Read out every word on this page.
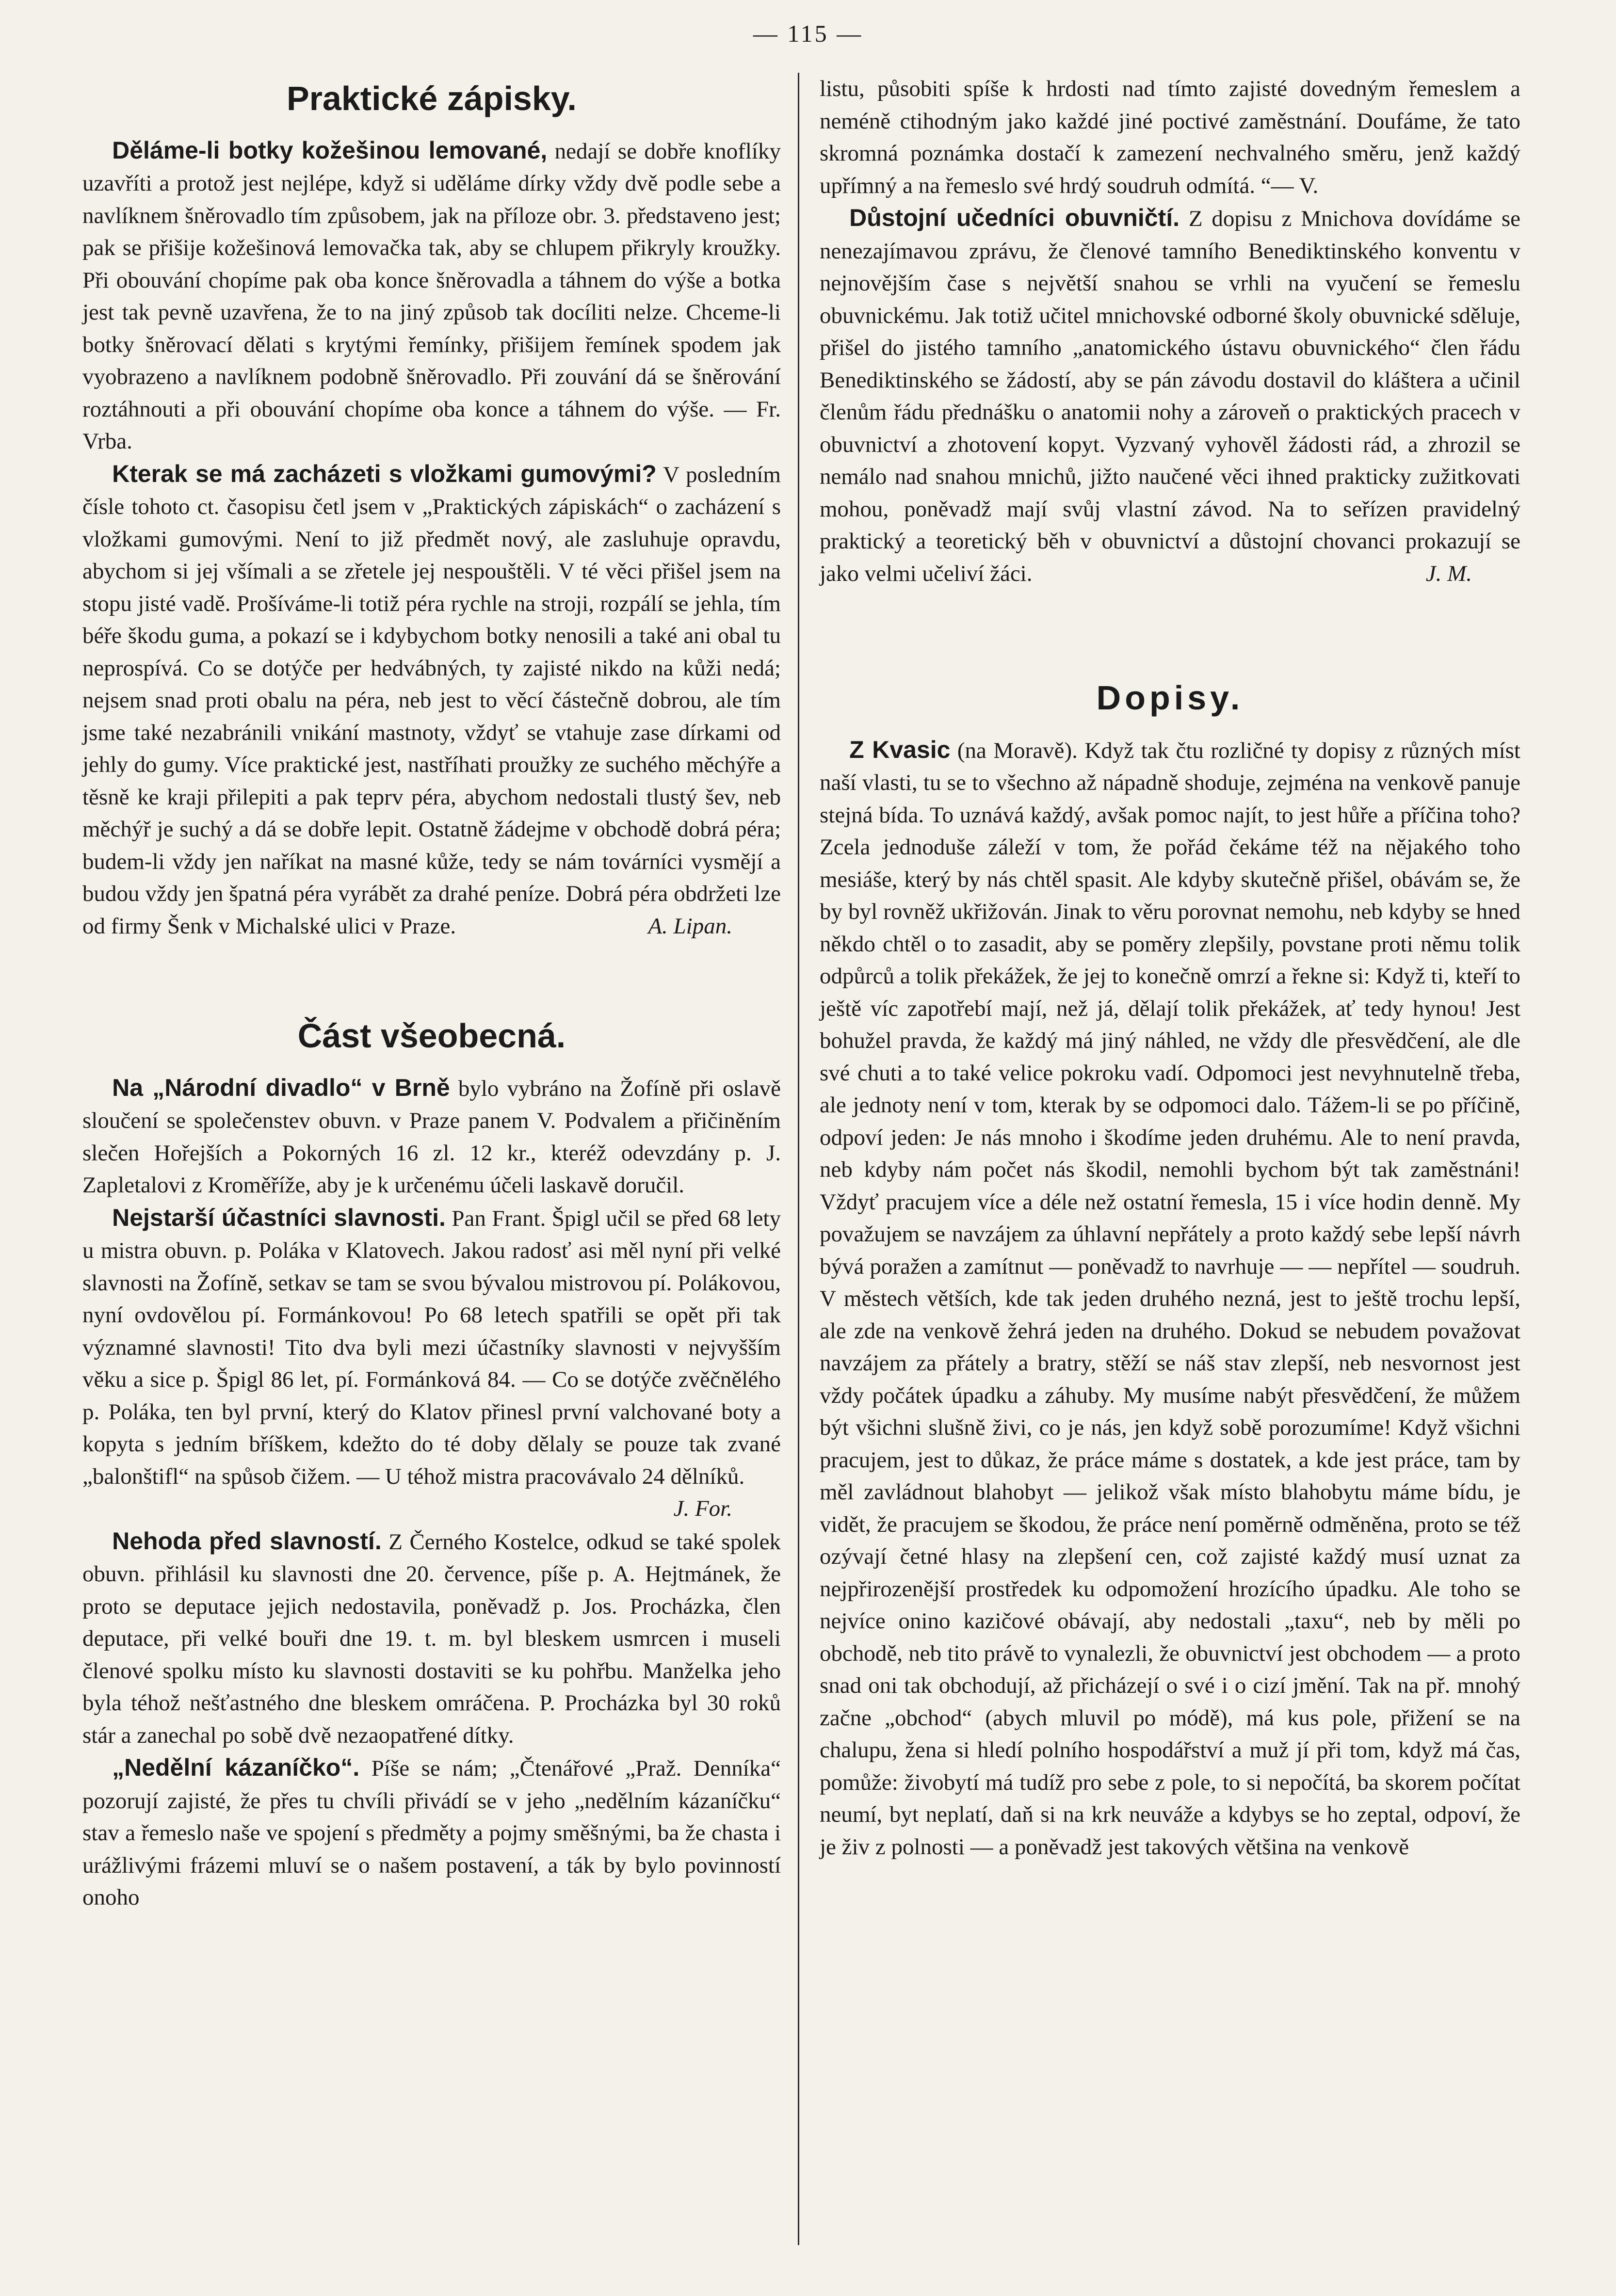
— 115 —
Praktické zápisky.

Děláme-li botky kožešinou lemované, nedají se dobře knoflíky uzavříti a protož jest nejlépe, když si uděláme dírky vždy dvě podle sebe a navlíknem šněrovadlo tím způsobem, jak na příloze obr. 3. představeno jest; pak se přišije kožešinová lemovačka tak, aby se chlupem přikryly kroužky. Při obouvání chopíme pak oba konce šněrovadla a táhnem do výše a botka jest tak pevně uzavřena, že to na jiný způsob tak docíliti nelze. Chceme-li botky šněrovací dělati s krytými řemínky, přišijem řemínek spodem jak vyobrazeno a navlíknem podobně šněrovadlo. Při zouvání dá se šněrování roztáhnouti a při obouvání chopíme oba konce a táhnem do výše. — Fr. Vrba.

Kterak se má zacházeti s vložkami gumovými? V posledním čísle tohoto ct. časopisu četl jsem v „Praktických zápiskách“ o zacházení s vložkami gumovými. Není to již předmět nový, ale zasluhuje opravdu, abychom si jej všímali a se zřetele jej nespouštěli. V té věci přišel jsem na stopu jisté vadě. Prošíváme-li totiž péra rychle na stroji, rozpálí se jehla, tím béře škodu guma, a pokazí se i kdybychom botky nenosili a také ani obal tu neprospívá. Co se dotýče per hedvábných, ty zajisté nikdo na kůži nedá; nejsem snad proti obalu na péra, neb jest to věcí částečně dobrou, ale tím jsme také nezabránili vnikání mastnoty, vždyť se vtahuje zase dírkami od jehly do gumy. Více praktické jest, nastříhati proužky ze suchého měchýře a těsně ke kraji přilepiti a pak teprv péra, abychom nedostali tlustý šev, neb měchýř je suchý a dá se dobře lepit. Ostatně žádejme v obchodě dobrá péra; budem-li vždy jen naříkat na masné kůže, tedy se nám továrníci vysmějí a budou vždy jen špatná péra vyrábět za drahé peníze. Dobrá péra obdržeti lze od firmy Šenk v Michalské ulici v Praze.	A. Lipan.

Část všeobecná.

Na „Národní divadlo“ v Brně bylo vybráno na Žofíně při oslavě sloučení se společenstev obuvn. v Praze panem V. Podvalem a přičiněním slečen Hořejších a Pokorných 16 zl. 12 kr., kteréž odevzdány p. J. Zapletalovi z Kroměříže, aby je k určenému účeli laskavě doručil.

Nejstarší účastníci slavnosti. Pan Frant. Špigl učil se před 68 lety u mistra obuvn. p. Poláka v Klatovech. Jakou radosť asi měl nyní při velké slavnosti na Žofíně, setkav se tam se svou bývalou mistrovou pí. Polákovou, nyní ovdovělou pí. Formánkovou! Po 68 letech spatřili se opět při tak významné slavnosti! Tito dva byli mezi účastníky slavnosti v nejvyšším věku a sice p. Špigl 86 let, pí. Formánková 84. — Co se dotýče zvěčnělého p. Poláka, ten byl první, který do Klatov přinesl první valchované boty a kopyta s jedním bříškem, kdežto do té doby dělaly se pouze tak zvané „balonštifl“ na spůsob čižem. — U téhož mistra pracovávalo 24 dělníků.
J. For.

Nehoda před slavností. Z Černého Kostelce, odkud se také spolek obuvn. přihlásil ku slavnosti dne 20. července, píše p. A. Hejtmánek, že proto se deputace jejich nedostavila, poněvadž p. Jos. Procházka, člen deputace, při velké bouři dne 19. t. m. byl bleskem usmrcen i museli členové spolku místo ku slavnosti dostaviti se ku pohřbu. Manželka jeho byla téhož nešťastného dne bleskem omráčena. P. Procházka byl 30 roků stár a zanechal po sobě dvě nezaopatřené dítky.

„Nedělní kázaníčko“. Píše se nám; „Čtenářové „Praž. Denníka“ pozorují zajisté, že přes tu chvíli přivádí se v jeho „nedělním kázaníčku“ stav a řemeslo naše ve spojení s předměty a pojmy směšnými, ba že chasta i urážlivými frázemi mluví se o našem postavení, a ták by bylo povinností onoho

listu, působiti spíše k hrdosti nad tímto zajisté dovedným řemeslem a neméně ctihodným jako každé jiné poctivé zaměstnání. Doufáme, že tato skromná poznámka dostačí k zamezení nechvalného směru, jenž každý upřímný a na řemeslo své hrdý soudruh odmítá. “— V.

Důstojní učedníci obuvničtí. Z dopisu z Mnichova dovídáme se nenezajímavou zprávu, že členové tamního Benediktinského konventu v nejnovějším čase s největší snahou se vrhli na vyučení se řemeslu obuvnickému. Jak totiž učitel mnichovské odborné školy obuvnické sděluje, přišel do jistého tamního „anatomického ústavu obuvnického“ člen řádu Benediktinského se žádostí, aby se pán závodu dostavil do kláštera a učinil členům řádu přednášku o anatomii nohy a zároveň o praktických pracech v obuvnictví a zhotovení kopyt. Vyzvaný vyhověl žádosti rád, a zhrozil se nemálo nad snahou mnichů, jižto naučené věci ihned prakticky zužitkovati mohou, poněvadž mají svůj vlastní závod. Na to seřízen pravidelný praktický a teoretický běh v obuvnictví a důstojní chovanci prokazují se jako velmi učeliví žáci.	J. M.

Dopisy.

Z Kvasic (na Moravě). Když tak čtu rozličné ty dopisy z různých míst naší vlasti, tu se to všechno až nápadně shoduje, zejména na venkově panuje stejná bída. To uznává každý, avšak pomoc najít, to jest hůře a příčina toho? Zcela jednoduše záleží v tom, že pořád čekáme též na nějakého toho mesiáše, který by nás chtěl spasit. Ale kdyby skutečně přišel, obávám se, že by byl rovněž ukřižován. Jinak to věru porovnat nemohu, neb kdyby se hned někdo chtěl o to zasadit, aby se poměry zlepšily, povstane proti němu tolik odpůrců a tolik překážek, že jej to konečně omrzí a řekne si: Když ti, kteří to ještě víc zapotřebí mají, než já, dělají tolik překážek, ať tedy hynou! Jest bohužel pravda, že každý má jiný náhled, ne vždy dle přesvědčení, ale dle své chuti a to také velice pokroku vadí. Odpomoci jest nevyhnutelně třeba, ale jednoty není v tom, kterak by se odpomoci dalo. Tážem-li se po příčině, odpoví jeden: Je nás mnoho i škodíme jeden druhému. Ale to není pravda, neb kdyby nám počet nás škodil, nemohli bychom být tak zaměstnáni! Vždyť pracujem více a déle než ostatní řemesla, 15 i více hodin denně. My považujem se navzájem za úhlavní nepřátely a proto každý sebe lepší návrh bývá poražen a zamítnut — poněvadž to navrhuje — — nepřítel — soudruh. V městech větších, kde tak jeden druhého nezná, jest to ještě trochu lepší, ale zde na venkově žehrá jeden na druhého. Dokud se nebudem považovat navzájem za přátely a bratry, stěží se náš stav zlepší, neb nesvornost jest vždy počátek úpadku a záhuby. My musíme nabýt přesvědčení, že můžem být všichni slušně živi, co je nás, jen když sobě porozumíme! Když všichni pracujem, jest to důkaz, že práce máme s dostatek, a kde jest práce, tam by měl zavládnout blahobyt — jelikož však místo blahobytu máme bídu, je vidět, že pracujem se škodou, že práce není poměrně odměněna, proto se též ozývají četné hlasy na zlepšení cen, což zajisté každý musí uznat za nejpřirozenější prostředek ku odpomožení hrozícího úpadku. Ale toho se nejvíce onino kazičové obávají, aby nedostali „taxu“, neb by měli po obchodě, neb tito právě to vynalezli, že obuvnictví jest obchodem — a proto snad oni tak obchodují, až přicházejí o své i o cizí jmění. Tak na př. mnohý začne „obchod“ (abych mluvil po módě), má kus pole, přižení se na chalupu, žena si hledí polního hospodářství a muž jí při tom, když má čas, pomůže: živobytí má tudíž pro sebe z pole, to si nepočítá, ba skorem počítat neumí, byt neplatí, daň si na krk neuváže a kdybys se ho zeptal, odpoví, že je živ z polnosti — a poněvadž jest takových většina na venkově
